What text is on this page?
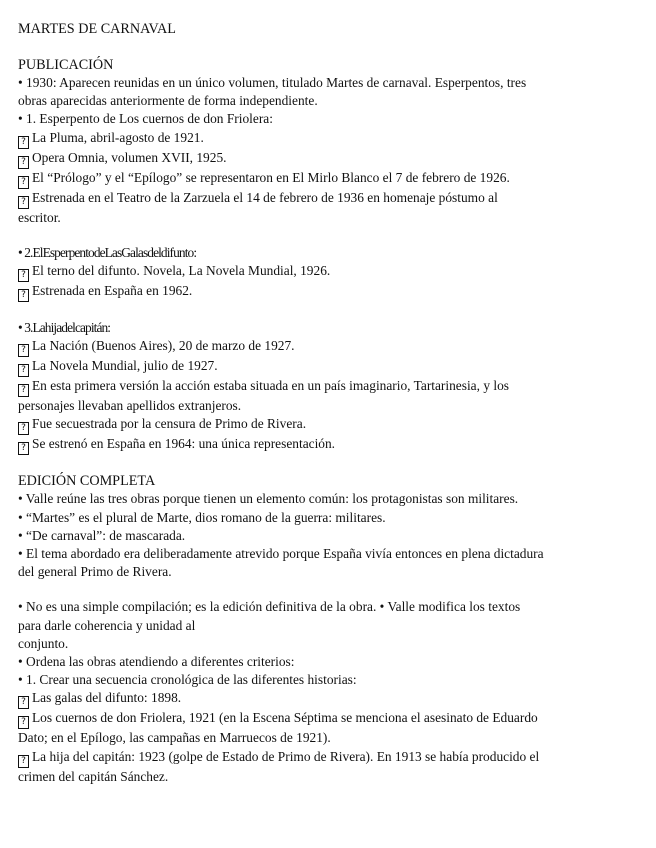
MARTES DE CARNAVAL
PUBLICACIÓN
• 1930: Aparecen reunidas en un único volumen, titulado Martes de carnaval. Esperpentos, tres
obras aparecidas anteriormente de forma independiente.
• 1. Esperpento de Los cuernos de don Friolera:
? La Pluma, abril-agosto de 1921.
? Opera Omnia, volumen XVII, 1925.
? El “Prólogo” y el “Epílogo” se representaron en El Mirlo Blanco el 7 de febrero de 1926.
? Estrenada en el Teatro de la Zarzuela el 14 de febrero de 1936 en homenaje póstumo al
escritor.
• 2.ElEsperpentodeLasGalasdeldifunto:
? El terno del difunto. Novela, La Novela Mundial, 1926.
? Estrenada en España en 1962.
• 3.Lahijadelcapitán:
? La Nación (Buenos Aires), 20 de marzo de 1927.
? La Novela Mundial, julio de 1927.
? En esta primera versión la acción estaba situada en un país imaginario, Tartarinesia, y los
personajes llevaban apellidos extranjeros.
? Fue secuestrada por la censura de Primo de Rivera.
? Se estrenó en España en 1964: una única representación.
EDICIÓN COMPLETA
• Valle reúne las tres obras porque tienen un elemento común: los protagonistas son militares.
• “Martes” es el plural de Marte, dios romano de la guerra: militares.
• “De carnaval”: de mascarada.
• El tema abordado era deliberadamente atrevido porque España vivía entonces en plena dictadura
del general Primo de Rivera.
• No es una simple compilación; es la edición definitiva de la obra. • Valle modifica los textos
para darle coherencia y unidad al
conjunto.
• Ordena las obras atendiendo a diferentes criterios:
• 1. Crear una secuencia cronológica de las diferentes historias:
? Las galas del difunto: 1898.
? Los cuernos de don Friolera, 1921 (en la Escena Séptima se menciona el asesinato de Eduardo
Dato; en el Epílogo, las campañas en Marruecos de 1921).
? La hija del capitán: 1923 (golpe de Estado de Primo de Rivera). En 1913 se había producido el
crimen del capitán Sánchez.
